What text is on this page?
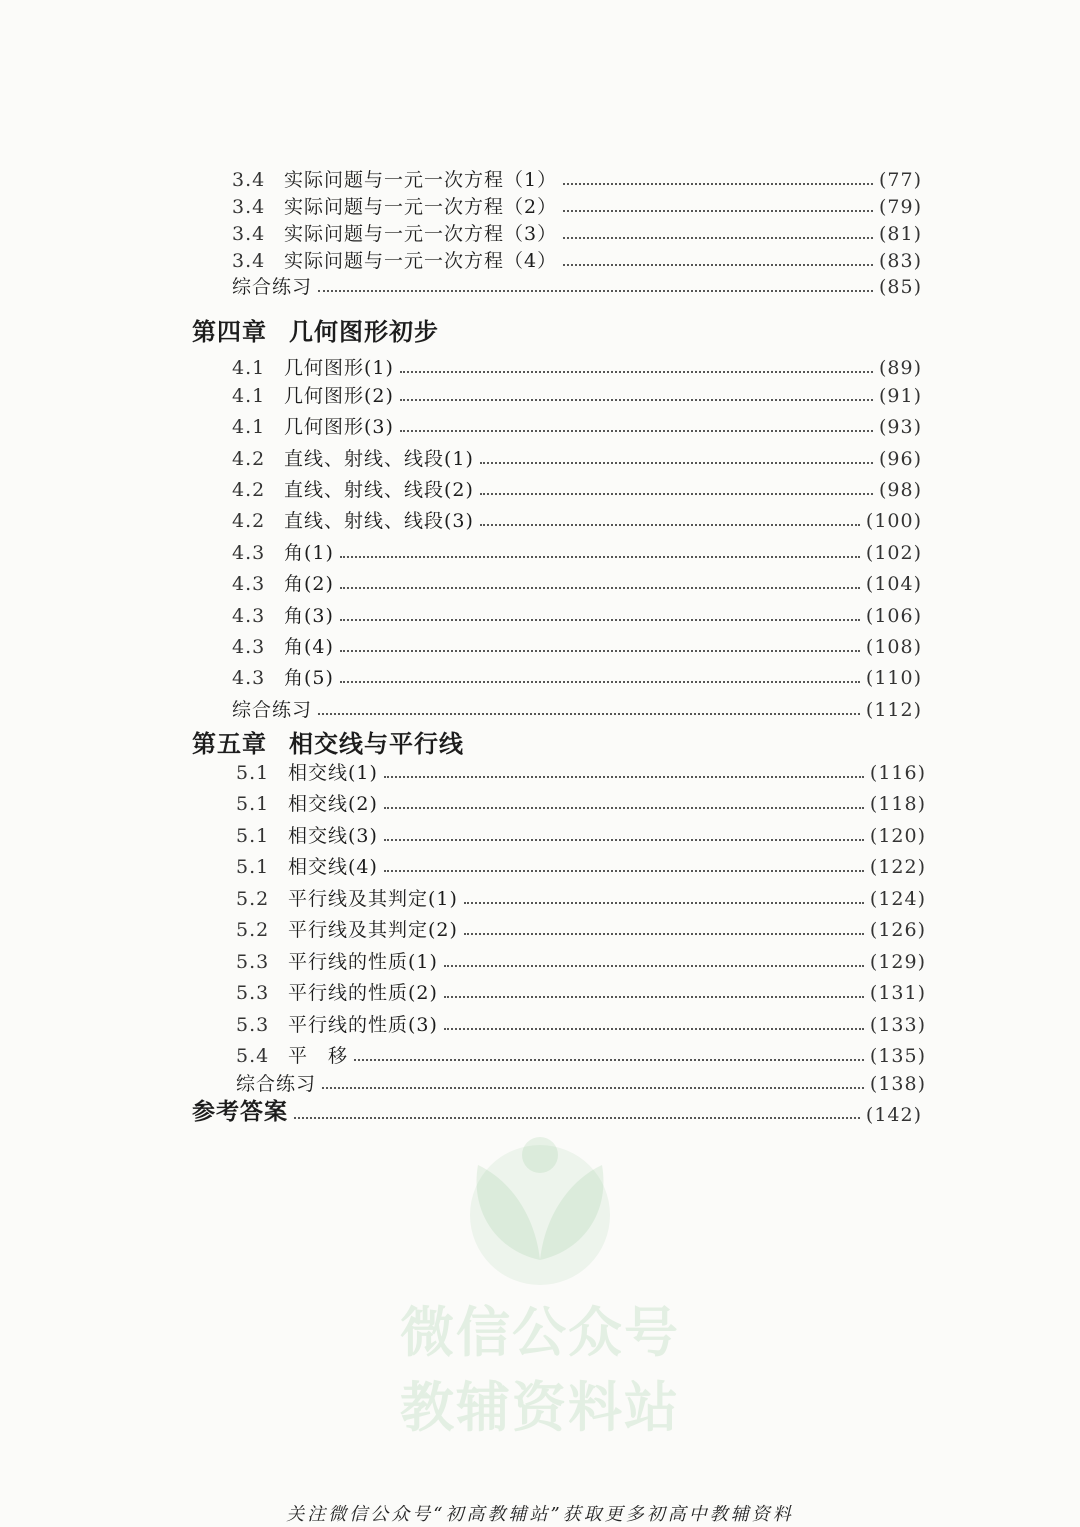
3.4 实际问题与一元一次方程（1）	(77)
3.4 实际问题与一元一次方程（2）	(79)
3.4 实际问题与一元一次方程（3）	(81)
3.4 实际问题与一元一次方程（4）	(83)
综合练习	(85)
第四章 几何图形初步
4.1 几何图形(1)	(89)
4.1 几何图形(2)	(91)
4.1 几何图形(3)	(93)
4.2 直线、射线、线段(1)	(96)
4.2 直线、射线、线段(2)	(98)
4.2 直线、射线、线段(3)	(100)
4.3 角(1)	(102)
4.3 角(2)	(104)
4.3 角(3)	(106)
4.3 角(4)	(108)
4.3 角(5)	(110)
综合练习	(112)
第五章 相交线与平行线
5.1 相交线(1)	(116)
5.1 相交线(2)	(118)
5.1 相交线(3)	(120)
5.1 相交线(4)	(122)
5.2 平行线及其判定(1)	(124)
5.2 平行线及其判定(2)	(126)
5.3 平行线的性质(1)	(129)
5.3 平行线的性质(2)	(131)
5.3 平行线的性质(3)	(133)
5.4 平　移	(135)
综合练习	(138)
参考答案	(142)
微信公众号
教辅资料站
关注微信公众号“初高教辅站”获取更多初高中教辅资料
